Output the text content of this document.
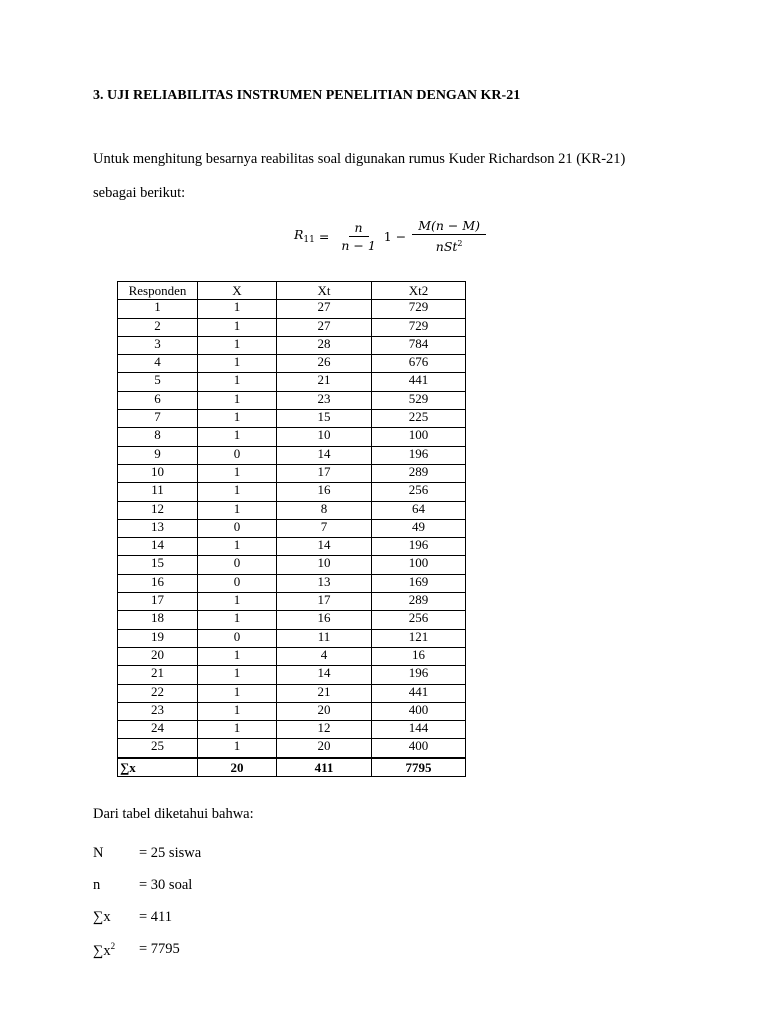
3. UJI RELIABILITAS INSTRUMEN PENELITIAN DENGAN KR-21

Untuk menghitung besarnya reabilitas soal digunakan rumus Kuder Richardson 21 (KR-21)

sebagai berikut:

$R_{11} = \frac{n}{n - 1} 1 - \frac{M(n - M)}{nSt^2}$
Responden	X	Xt	Xt2
1	1	27	729
2	1	27	729
3	1	28	784
4	1	26	676
5	1	21	441
6	1	23	529
7	1	15	225
8	1	10	100
9	0	14	196
10	1	17	289
11	1	16	256
12	1	8	64
13	0	7	49
14	1	14	196
15	0	10	100
16	0	13	169
17	1	17	289
18	1	16	256
19	0	11	121
20	1	4	16
21	1	14	196
22	1	21	441
23	1	20	400
24	1	12	144
25	1	20	400
∑x	20	411	7795

Dari tabel diketahui bahwa:

N	= 25 siswa
n	= 30 soal
∑x	= 411
$\sum x^2$	= 7795
